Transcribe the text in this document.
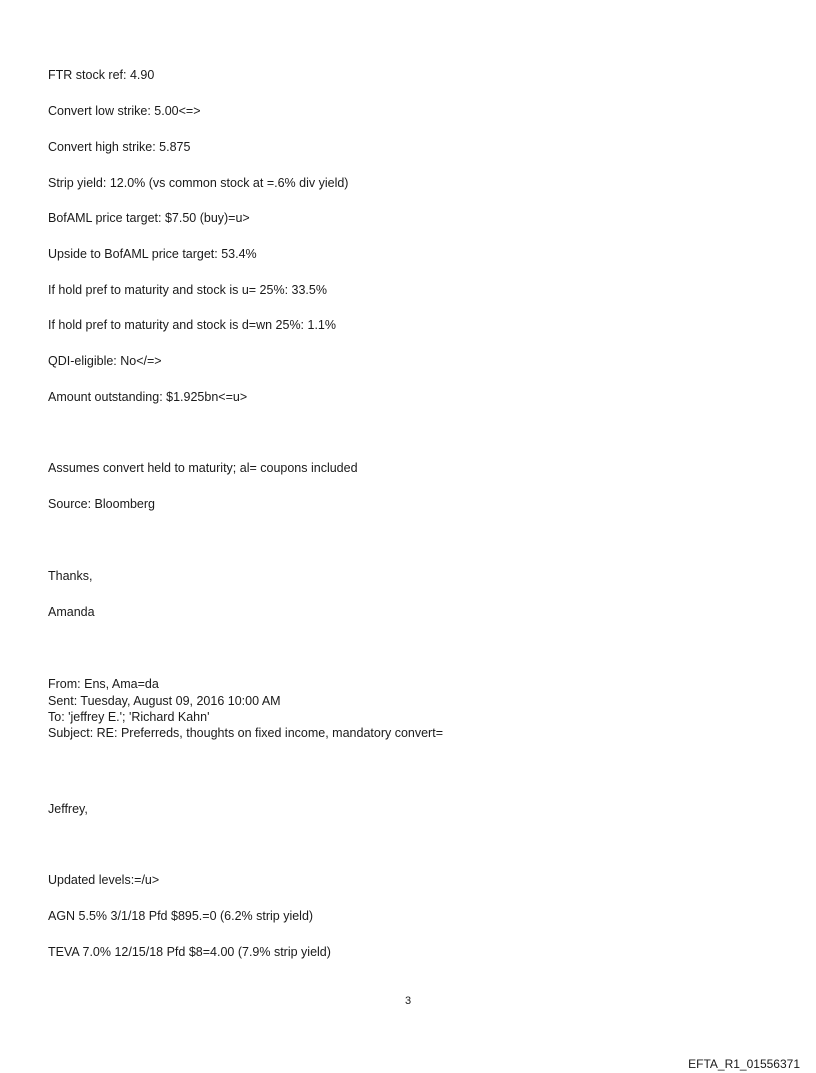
FTR stock ref: 4.90
Convert low strike: 5.00<=>
Convert high strike: 5.875
Strip yield: 12.0% (vs common stock at =.6% div yield)
BofAML price target: $7.50 (buy)=u>
Upside to BofAML price target: 53.4%
If hold pref to maturity and stock is u= 25%: 33.5%
If hold pref to maturity and stock is d=wn 25%: 1.1%
QDI-eligible: No</=>
Amount outstanding: $1.925bn<=u>
Assumes convert held to maturity; al= coupons included
Source: Bloomberg
Thanks,
Amanda
From: Ens, Ama=da
Sent: Tuesday, August 09, 2016 10:00 AM
To: 'jeffrey E.'; 'Richard Kahn'
Subject: RE: Preferreds, thoughts on fixed income, mandatory convert=
Jeffrey,
Updated levels:=/u>
AGN 5.5% 3/1/18 Pfd $895.=0 (6.2% strip yield)
TEVA 7.0% 12/15/18 Pfd $8=4.00 (7.9% strip yield)
3
EFTA_R1_01556371
